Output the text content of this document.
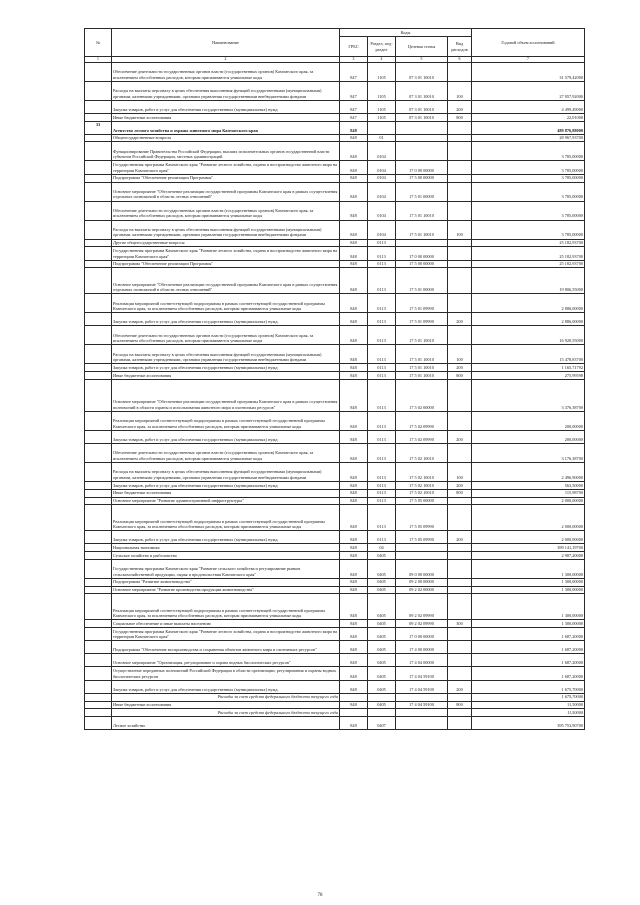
№	Наименование	Коды				Годовой объем ассигнований
		ГРБС	Раздел, под-раздел	Целевая статья	Вид расходов	
1	2	3	4	5	6	7
	Обеспечение деятельности государственных органов власти (государственных органов) Камчатского края, за исключением обособленных расходов, которым присваиваются уникальные коды	847	1105	07 3 01 10010		31 579,42000
	Расходы на выплаты персоналу в целях обеспечения выполнения функций государственными (муниципальными) органами, казенными учреждениями, органами управления государственными внебюджетными фондами	847	1105	07 3 01 10010	100	27 057,92000
	Закупка товаров, работ и услуг для обеспечения государственных (муниципальных) нужд	847	1105	07 3 01 10010	200	4 499,49000
	Иные бюджетные ассигнования	847	1105	07 3 01 10010	800	22,01000
33	Агентство лесного хозяйства и охраны животного мира Камчатского края	848				489 876,88000
	Общегосударственные вопросы	848	01			28 967,93700
	Функционирование Правительства Российской Федерации, высших исполнительных органов государственной власти субъектов Российской Федерации, местных администраций	848	0104			3 785,00000
	Государственная программа Камчатского края "Развитие лесного хозяйства, охрана и воспроизводство животного мира на территории Камчатского края"	848	0104	17 0 00 00000		3 785,00000
	Подпрограмма "Обеспечение реализации Программы"	848	0104	17 5 00 00000		3 785,00000
	Основное мероприятие "Обеспечение реализации государственной программы Камчатского края в рамках осуществления отдельных полномочий в области лесных отношений"	848	0104	17 5 01 00000		3 785,00000
	Обеспечение деятельности государственных органов власти (государственных органов) Камчатского края, за исключением обособленных расходов, которым присваиваются уникальные коды	848	0104	17 5 01 10010		3 785,00000
	Расходы на выплаты персоналу в целях обеспечения выполнения функций государственными (муниципальными) органами, казенными учреждениями, органами управления государственными внебюджетными фондами	848	0104	17 5 01 10010	100	3 785,00000
	Другие общегосударственные вопросы	848	0113			25 182,93700
	Государственная программа Камчатского края "Развитие лесного хозяйства, охрана и воспроизводство животного мира на территории Камчатского края"	848	0113	17 0 00 00000		25 182,93700
	Подпрограмма "Обеспечение реализации Программы"	848	0113	17 5 00 00000		25 182,93700
	Основное мероприятие "Обеспечение реализации государственной программы Камчатского края в рамках осуществления отдельных полномочий в области лесных отношений"	848	0113	17 5 01 00000		19 806,55000
	Реализация мероприятий соответствующей подпрограммы в рамках соответствующей государственной программы Камчатского края, за исключением обособленных расходов, которым присваиваются уникальные коды	848	0113	17 5 01 09990		2 886,00000
	Закупка товаров, работ и услуг для обеспечения государственных (муниципальных) нужд	848	0113	17 5 01 09990	200	2 886,00000
	Обеспечение деятельности государственных органов власти (государственных органов) Камчатского края, за исключением обособленных расходов, которым присваиваются уникальные коды	848	0113	17 5 01 10010		16 920,55000
	Расходы на выплаты персоналу в целях обеспечения выполнения функций государственными (муниципальными) органами, казенными учреждениями, органами управления государственными внебюджетными фондами	848	0113	17 5 01 10010	100	15 478,83700
	Закупка товаров, работ и услуг для обеспечения государственных (муниципальных) нужд	848	0113	17 5 01 10010	200	1 165,71792
	Иные бюджетные ассигнования	848	0113	17 5 01 10010	800	275,99598
	Основное мероприятие "Обеспечение реализации государственной программы Камчатского края в рамках осуществления полномочий в области охраны и использования животного мира и охотничьих ресурсов"	848	0113	17 5 02 00000		3 376,38700
	Реализация мероприятий соответствующей подпрограммы в рамках соответствующей государственной программы Камчатского края, за исключением обособленных расходов, которым присваиваются уникальные коды	848	0113	17 5 02 09990		200,00000
	Закупка товаров, работ и услуг для обеспечения государственных (муниципальных) нужд	848	0113	17 5 02 09990	200	200,00000
	Обеспечение деятельности государственных органов власти (государственных органов) Камчатского края, за исключением обособленных расходов, которым присваиваются уникальные коды	848	0113	17 5 02 10010		3 176,38700
	Расходы на выплаты персоналу в целях обеспечения выполнения функций государственными (муниципальными) органами, казенными учреждениями, органами управления государственными внебюджетными фондами	848	0113	17 5 02 10010	100	2 496,90000
	Закупка товаров, работ и услуг для обеспечения государственных (муниципальных) нужд	848	0113	17 5 02 10010	200	563,50000
	Иные бюджетные ассигнования	848	0113	17 5 02 10010	800	115,98700
	Основное мероприятие "Развитие административной инфраструктуры"	848	0113	17 5 05 00000		2 000,00000
	Реализация мероприятий соответствующей подпрограммы в рамках соответствующей государственной программы Камчатского края, за исключением обособленных расходов, которым присваиваются уникальные коды	848	0113	17 5 05 09990		2 000,00000
	Закупка товаров, работ и услуг для обеспечения государственных (муниципальных) нужд	848	0113	17 5 05 09990	200	2 000,00000
	Национальная экономика	848	04			399 141,19700
	Сельское хозяйство и рыболовство	848	0405			2 987,20000
	Государственная программа Камчатского края "Развитие сельского хозяйства и регулирование рынков сельскохозяйственной продукции, сырья и продовольствия Камчатского края"	848	0405	09 0 00 00000		1 300,00000
	Подпрограмма "Развитие животноводства"	848	0405	09 2 00 00000		1 300,00000
	Основное мероприятие "Развитие производства продукции животноводства"	848	0405	09 2 02 00000		1 300,00000
	Реализация мероприятий соответствующей подпрограммы в рамках соответствующей государственной программы Камчатского края, за исключением обособленных расходов, которым присваиваются уникальные коды	848	0405	09 2 02 09990		1 300,00000
	Социальное обеспечение и иные выплаты населению	848	0405	09 2 02 09990	300	1 300,00000
	Государственная программа Камчатского края "Развитие лесного хозяйства, охрана и воспроизводство животного мира на территории Камчатского края"	848	0405	17 0 00 00000		1 687,20000
	Подпрограмма "Обеспечение воспроизводства и сохранения объектов животного мира и охотничьих ресурсов"	848	0405	17 4 00 00000		1 687,20000
	Основное мероприятие "Организация, регулирование и охрана водных биологических ресурсов"	848	0405	17 4 04 00000		1 687,20000
	Осуществление переданных полномочий Российской Федерации в области организации, регулирования и охраны водных биологических ресурсов	848	0405	17 4 04 59100		1 687,20000
	Закупка товаров, работ и услуг для обеспечения государственных (муниципальных) нужд	848	0405	17 4 04 59100	200	1 675,70000
	Расходы за счет средств федерального бюджета текущего года					1 675,70000
	Иные бюджетные ассигнования	848	0405	17 4 04 59100	800	11,50000
	Расходы за счет средств федерального бюджета текущего года					11,50000
	Лесное хозяйство	848	0407			395 753,90700
78
